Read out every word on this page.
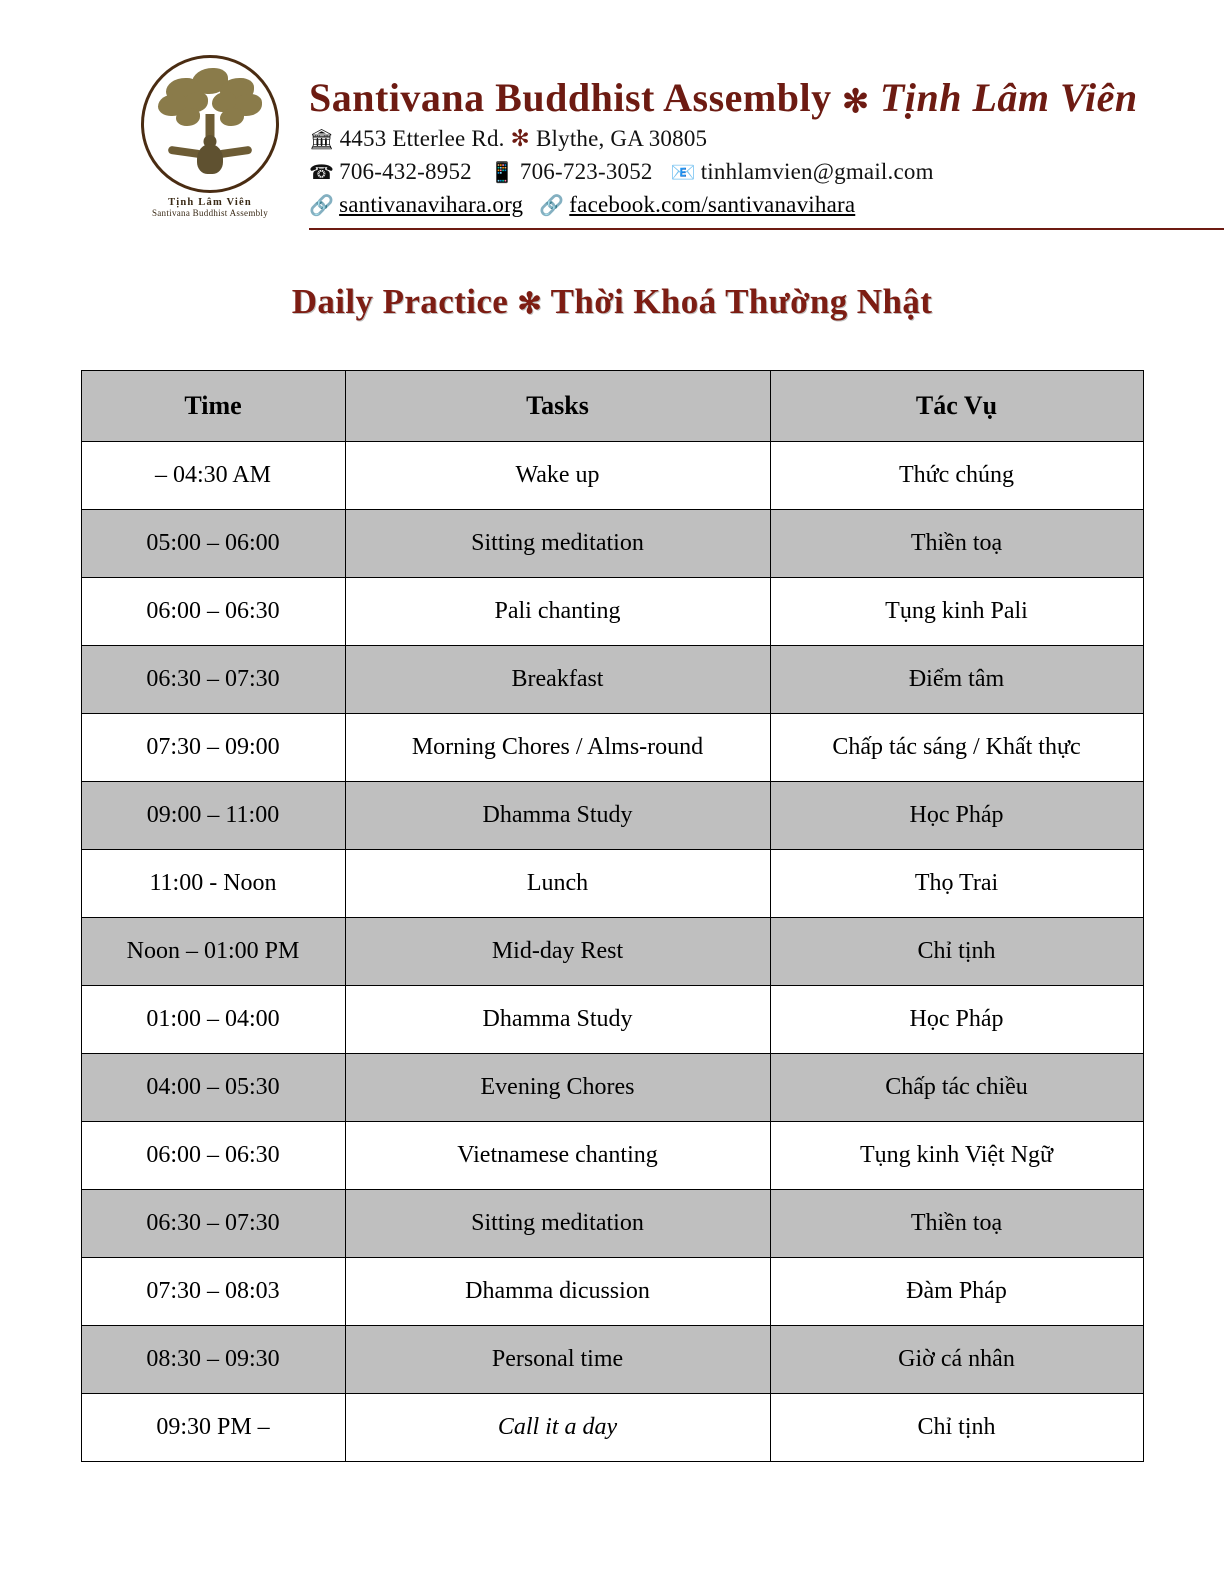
Tịnh Lâm Viên
Santivana Buddhist Assembly
Santivana Buddhist Assembly ✻ Tịnh Lâm Viên
🏛 4453 Etterlee Rd. ✻ Blythe, GA 30805
☎ 706-432-8952 📱 706-723-3052 📧 tinhlamvien@gmail.com
🔗 santivanavihara.org 🔗 facebook.com/santivanavihara
Daily Practice ✻ Thời Khoá Thường Nhật
Time	Tasks	Tác Vụ
– 04:30 AM	Wake up	Thức chúng
05:00 – 06:00	Sitting meditation	Thiền toạ
06:00 – 06:30	Pali chanting	Tụng kinh Pali
06:30 – 07:30	Breakfast	Điểm tâm
07:30 – 09:00	Morning Chores / Alms-round	Chấp tác sáng / Khất thực
09:00 – 11:00	Dhamma Study	Học Pháp
11:00 - Noon	Lunch	Thọ Trai
Noon – 01:00 PM	Mid-day Rest	Chỉ tịnh
01:00 – 04:00	Dhamma Study	Học Pháp
04:00 – 05:30	Evening Chores	Chấp tác chiều
06:00 – 06:30	Vietnamese chanting	Tụng kinh Việt Ngữ
06:30 – 07:30	Sitting meditation	Thiền toạ
07:30 – 08:03	Dhamma dicussion	Đàm Pháp
08:30 – 09:30	Personal time	Giờ cá nhân
09:30 PM –	Call it a day	Chỉ tịnh
